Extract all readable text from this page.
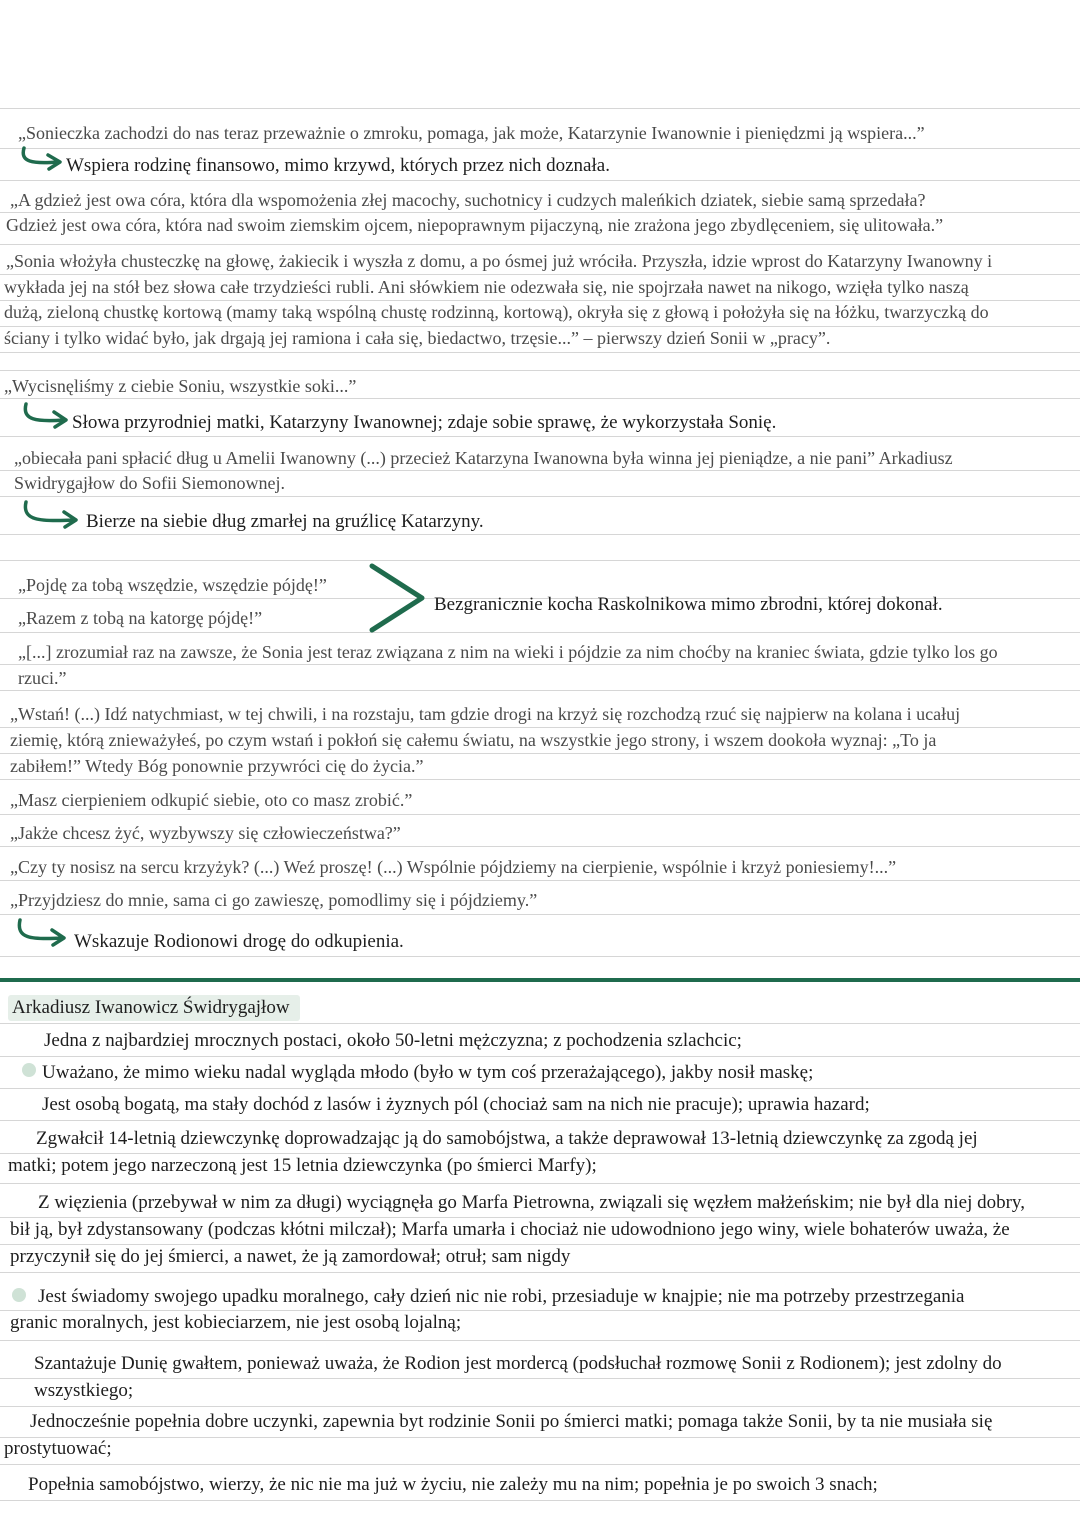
„Sonieczka zachodzi do nas teraz przeważnie o zmroku, pomaga, jak może, Katarzynie Iwanownie i pieniędzmi ją wspiera...”
Wspiera rodzinę finansowo, mimo krzywd, których przez nich doznała.
„A gdzież jest owa córa, która dla wspomożenia złej macochy, suchotnicy i cudzych maleńkich dziatek, siebie samą sprzedała?
Gdzież jest owa córa, która nad swoim ziemskim ojcem, niepoprawnym pijaczyną, nie zrażona jego zbydlęceniem, się ulitowała.”
„Sonia włożyła chusteczkę na głowę, żakiecik i wyszła z domu, a po ósmej już wróciła. Przyszła, idzie wprost do Katarzyny Iwanowny i
wykłada jej na stół bez słowa całe trzydzieści rubli. Ani słówkiem nie odezwała się, nie spojrzała nawet na nikogo, wzięła tylko naszą
dużą, zieloną chustkę kortową (mamy taką wspólną chustę rodzinną, kortową), okryła się z głową i położyła się na łóżku, twarzyczką do
ściany i tylko widać było, jak drgają jej ramiona i cała się, biedactwo, trzęsie...” – pierwszy dzień Sonii w „pracy”.
„Wycisnęliśmy z ciebie Soniu, wszystkie soki...”
Słowa przyrodniej matki, Katarzyny Iwanownej; zdaje sobie sprawę, że wykorzystała Sonię.
„obiecała pani spłacić dług u Amelii Iwanowny (...) przecież Katarzyna Iwanowna była winna jej pieniądze, a nie pani” Arkadiusz
Swidrygajłow do Sofii Siemonownej.
Bierze na siebie dług zmarłej na gruźlicę Katarzyny.
„Pojdę za tobą wszędzie, wszędzie pójdę!”
„Razem z tobą na katorgę pójdę!”
Bezgranicznie kocha Raskolnikowa mimo zbrodni, której dokonał.
„[...] zrozumiał raz na zawsze, że Sonia jest teraz związana z nim na wieki i pójdzie za nim choćby na kraniec świata, gdzie tylko los go
rzuci.”
„Wstań! (...) Idź natychmiast, w tej chwili, i na rozstaju, tam gdzie drogi na krzyż się rozchodzą rzuć się najpierw na kolana i ucałuj
ziemię, którą znieważyłeś, po czym wstań i pokłoń się całemu światu, na wszystkie jego strony, i wszem dookoła wyznaj: „To ja
zabiłem!” Wtedy Bóg ponownie przywróci cię do życia.”
„Masz cierpieniem odkupić siebie, oto co masz zrobić.”
„Jakże chcesz żyć, wyzbywszy się człowieczeństwa?”
„Czy ty nosisz na sercu krzyżyk? (...) Weź proszę! (...) Wspólnie pójdziemy na cierpienie, wspólnie i krzyż poniesiemy!...”
„Przyjdziesz do mnie, sama ci go zawieszę, pomodlimy się i pójdziemy.”
Wskazuje Rodionowi drogę do odkupienia.
Arkadiusz Iwanowicz Świdrygajłow
Jedna z najbardziej mrocznych postaci, około 50-letni mężczyzna; z pochodzenia szlachcic;
Uważano, że mimo wieku nadal wygląda młodo (było w tym coś przerażającego), jakby nosił maskę;
Jest osobą bogatą, ma stały dochód z lasów i żyznych pól (chociaż sam na nich nie pracuje); uprawia hazard;
Zgwałcił 14-letnią dziewczynkę doprowadzając ją do samobójstwa, a także deprawował 13-letnią dziewczynkę za zgodą jej
matki; potem jego narzeczoną jest 15 letnia dziewczynka (po śmierci Marfy);
Z więzienia (przebywał w nim za długi) wyciągnęła go Marfa Pietrowna, związali się węzłem małżeńskim; nie był dla niej dobry,
bił ją, był zdystansowany (podczas kłótni milczał); Marfa umarła i chociaż nie udowodniono jego winy, wiele bohaterów uważa, że
przyczynił się do jej śmierci, a nawet, że ją zamordował; otruł; sam nigdy
Jest świadomy swojego upadku moralnego, cały dzień nic nie robi, przesiaduje w knajpie; nie ma potrzeby przestrzegania
granic moralnych, jest kobieciarzem, nie jest osobą lojalną;
Szantażuje Dunię gwałtem, ponieważ uważa, że Rodion jest mordercą (podsłuchał rozmowę Sonii z Rodionem); jest zdolny do
wszystkiego;
Jednocześnie popełnia dobre uczynki, zapewnia byt rodzinie Sonii po śmierci matki; pomaga także Sonii, by ta nie musiała się
prostytuować;
Popełnia samobójstwo, wierzy, że nic nie ma już w życiu, nie zależy mu na nim; popełnia je po swoich 3 snach;
